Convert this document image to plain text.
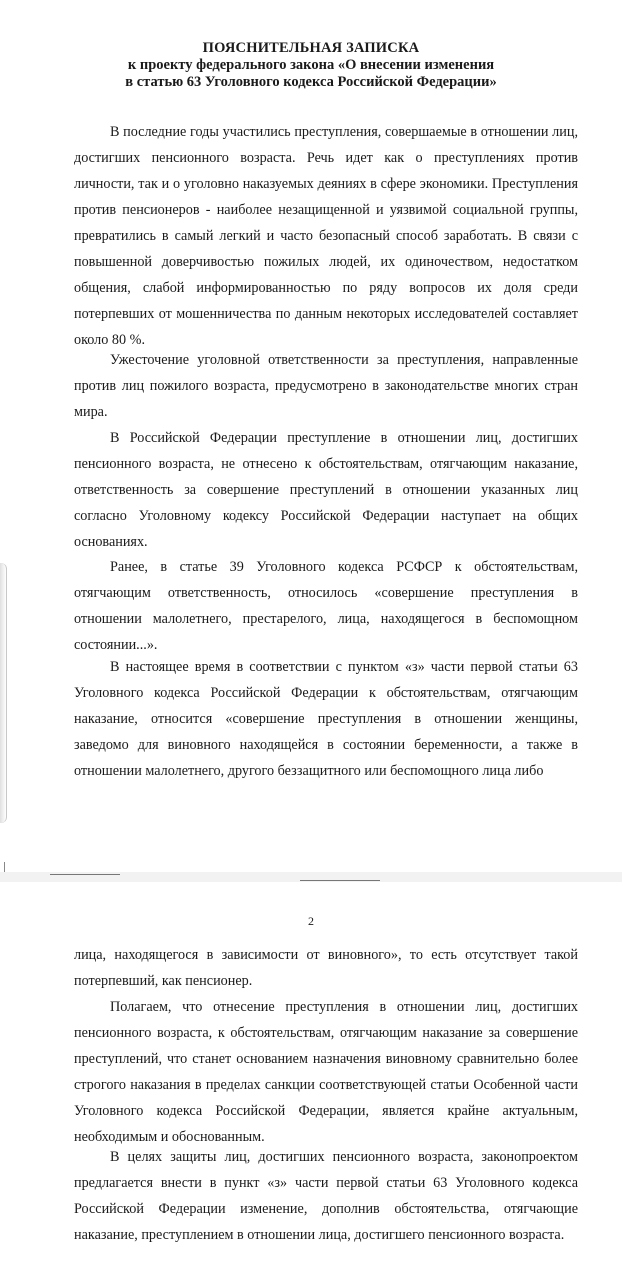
ПОЯСНИТЕЛЬНАЯ ЗАПИСКА
к проекту федерального закона «О внесении изменения
в статью 63 Уголовного кодекса Российской Федерации»

В последние годы участились преступления, совершаемые в отношении лиц, достигших пенсионного возраста. Речь идет как о преступлениях против личности, так и о уголовно наказуемых деяниях в сфере экономики. Преступления против пенсионеров - наиболее незащищенной и уязвимой социальной группы, превратились в самый легкий и часто безопасный способ заработать. В связи с повышенной доверчивостью пожилых людей, их одиночеством, недостатком общения, слабой информированностью по ряду вопросов их доля среди потерпевших от мошенничества по данным некоторых исследователей составляет около 80 %.

Ужесточение уголовной ответственности за преступления, направленные против лиц пожилого возраста, предусмотрено в законодательстве многих стран мира.

В Российской Федерации преступление в отношении лиц, достигших пенсионного возраста, не отнесено к обстоятельствам, отягчающим наказание, ответственность за совершение преступлений в отношении указанных лиц согласно Уголовному кодексу Российской Федерации наступает на общих основаниях.

Ранее, в статье 39 Уголовного кодекса РСФСР к обстоятельствам, отягчающим ответственность, относилось «совершение преступления в отношении малолетнего, престарелого, лица, находящегося в беспомощном состоянии...».

В настоящее время в соответствии с пунктом «з» части первой статьи 63 Уголовного кодекса Российской Федерации к обстоятельствам, отягчающим наказание, относится «совершение преступления в отношении женщины, заведомо для виновного находящейся в состоянии беременности, а также в отношении малолетнего, другого беззащитного или беспомощного лица либо

2

лица, находящегося в зависимости от виновного», то есть отсутствует такой потерпевший, как пенсионер.

Полагаем, что отнесение преступления в отношении лиц, достигших пенсионного возраста, к обстоятельствам, отягчающим наказание за совершение преступлений, что станет основанием назначения виновному сравнительно более строгого наказания в пределах санкции соответствующей статьи Особенной части Уголовного кодекса Российской Федерации, является крайне актуальным, необходимым и обоснованным.

В целях защиты лиц, достигших пенсионного возраста, законопроектом предлагается внести в пункт «з» части первой статьи 63 Уголовного кодекса Российской Федерации изменение, дополнив обстоятельства, отягчающие наказание, преступлением в отношении лица, достигшего пенсионного возраста.
